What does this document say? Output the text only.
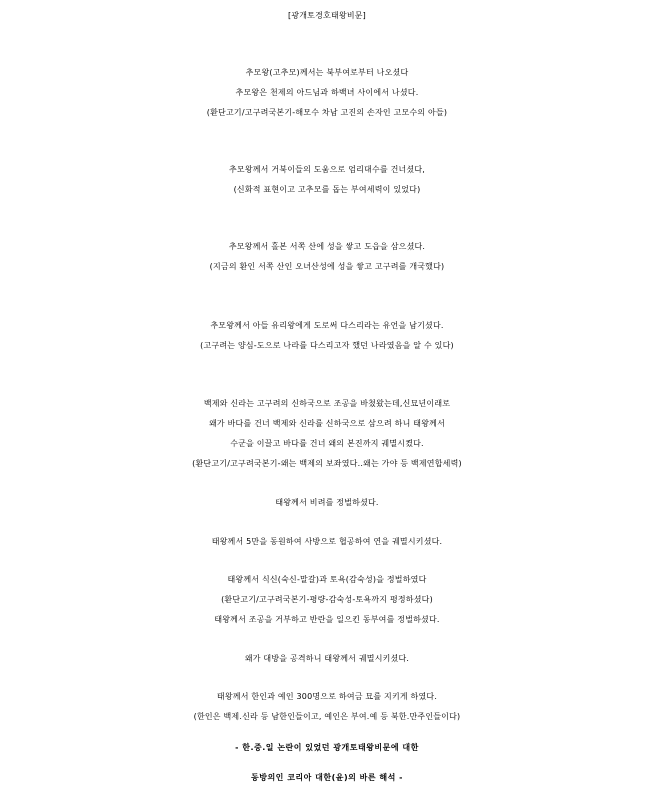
[광개토경호태왕비문]
추모왕(고추모)께서는 북부여로부터 나오셨다
추모왕은 천제의 아드님과 하백녀 사이에서 나셨다.
(환단고기/고구려국본기-해모수 차남 고진의 손자인 고모수의 아들)
추모왕께서 거북이들의 도움으로 엄리대수를 건너셨다,
(신화적 표현이고 고추모를 돕는 부여세력이 있었다)
추모왕께서 홀본 서쪽 산에 성을 쌓고 도읍을 삼으셨다.
(지금의 환인 서쪽 산인 오녀산성에 성을 쌓고 고구려를 개국했다)
추모왕께서 아들 유리왕에게 도로써 다스리라는 유언을 남기셨다.
(고구려는 양심-도으로 나라를 다스리고자 했던 나라였음을 알 수 있다)
백제와 신라는 고구려의 신하국으로 조공을 바쳤왔는데,신묘년이래로
왜가 바다를 건너 백제와 신라를 신하국으로 삼으려 하니 태왕께서
수군을 이끌고 바다를 건너 왜의 본진까지 궤멸시켰다.
(환단고기/고구려국본기-왜는 백제의 보좌였다..왜는 가야 등 백제연합세력)
태왕께서 비려를 정벌하셨다.
태왕께서 5만을 동원하여 사방으로 협공하여 연을 궤멸시키셨다.
태왕께서 식신(숙신-말갈)과 토욕(감숙성)을 정벌하였다
(환단고기/고구려국본기-평량-감숙성-토욕까지 평정하셨다)
태왕께서 조공을 거부하고 반란을 일으킨 동부여를 정벌하셨다.
왜가 대방을 공격하니 태왕께서 궤멸시키셨다.
태왕께서 한인과 예인 300명으로 하여금 묘를 지키게 하였다.
(한인은 백제.신라 등 남한인들이고, 예인은 부여.예 등 북한.만주인들이다)
- 한.중.일 논란이 있었던 광개토태왕비문에 대한
동방의인 코리아 대한(윤)의 바른 해석 -
